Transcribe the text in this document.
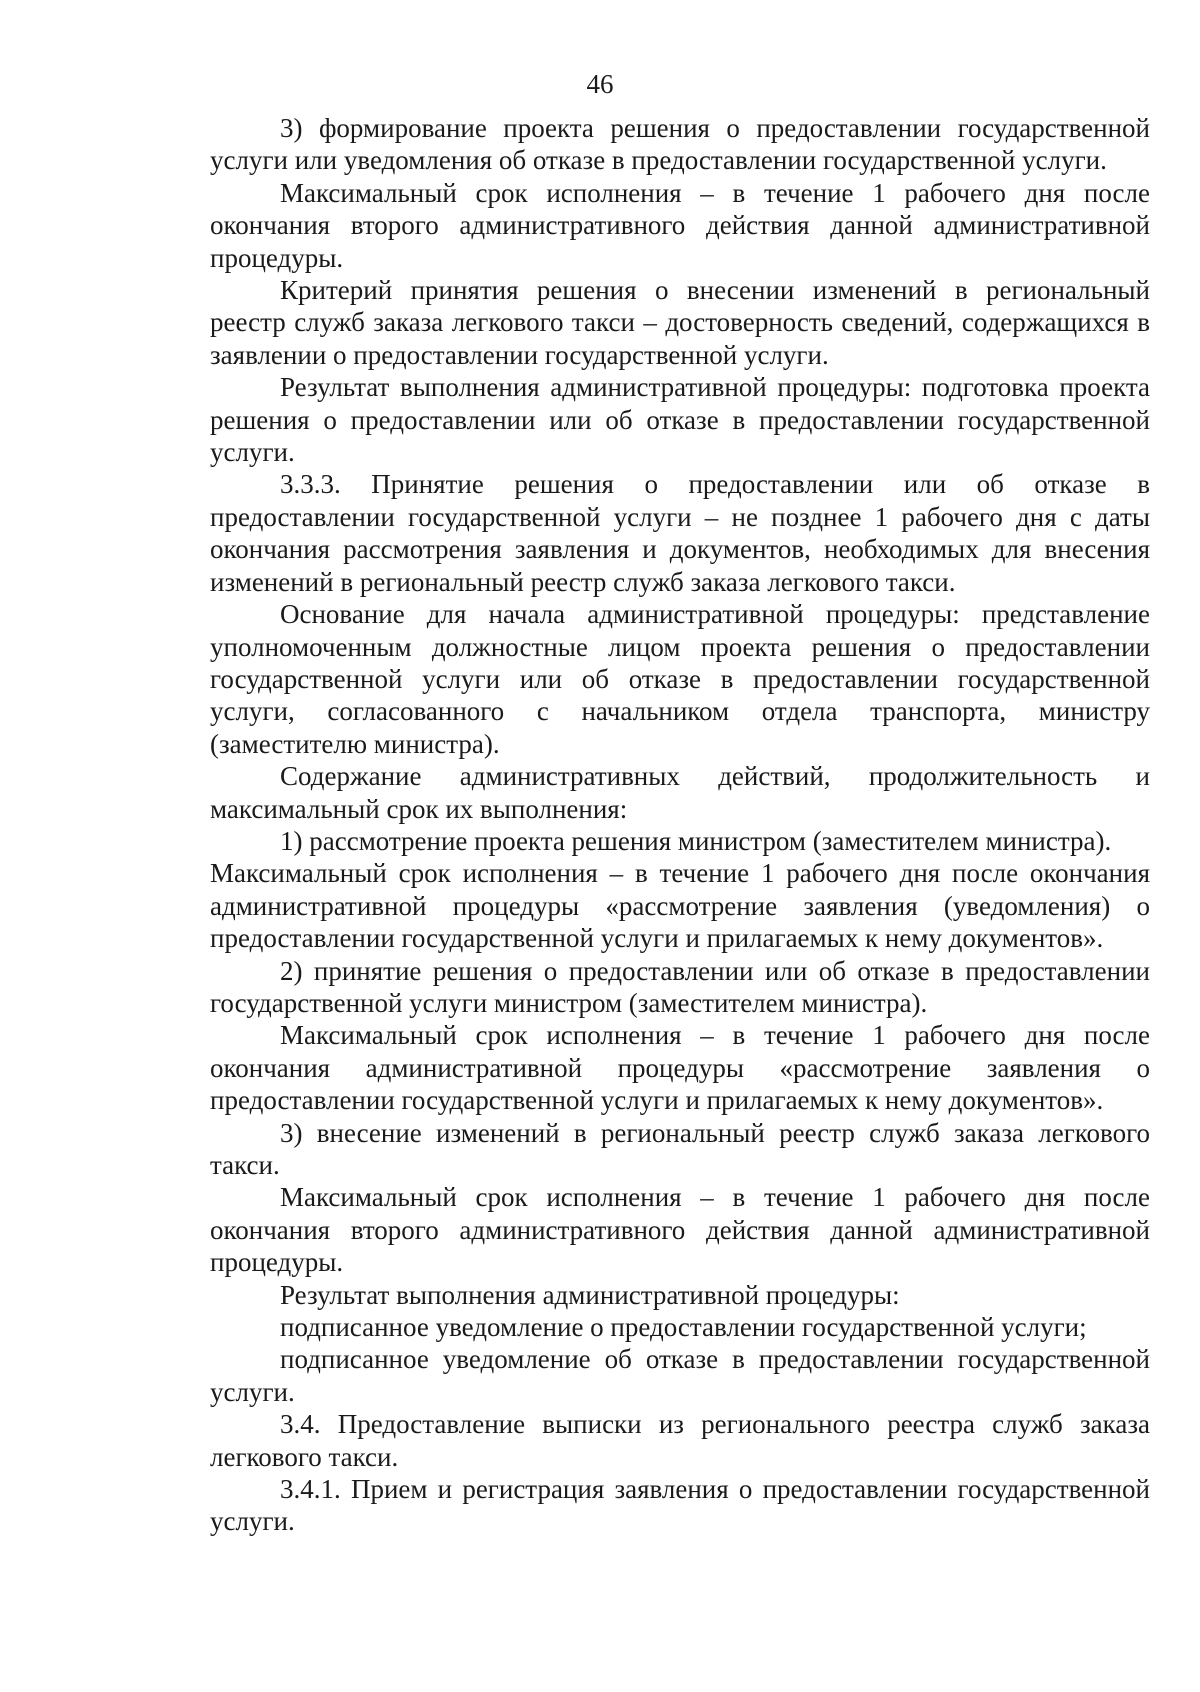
46

3) формирование проекта решения о предоставлении государственной услуги или уведомления об отказе в предоставлении государственной услуги.

Максимальный срок исполнения – в течение 1 рабочего дня после окончания второго административного действия данной административной процедуры.

Критерий принятия решения о внесении изменений в региональный реестр служб заказа легкового такси – достоверность сведений, содержащихся в заявлении о предоставлении государственной услуги.

Результат выполнения административной процедуры: подготовка проекта решения о предоставлении или об отказе в предоставлении государственной услуги.

3.3.3. Принятие решения о предоставлении или об отказе в предоставлении государственной услуги – не позднее 1 рабочего дня с даты окончания рассмотрения заявления и документов, необходимых для внесения изменений в региональный реестр служб заказа легкового такси.

Основание для начала административной процедуры: представление уполномоченным должностные лицом проекта решения о предоставлении государственной услуги или об отказе в предоставлении государственной услуги, согласованного с начальником отдела транспорта, министру (заместителю министра).

Содержание административных действий, продолжительность и максимальный срок их выполнения:

1) рассмотрение проекта решения министром (заместителем министра).

Максимальный срок исполнения – в течение 1 рабочего дня после окончания административной процедуры «рассмотрение заявления (уведомления) о предоставлении государственной услуги и прилагаемых к нему документов».

2) принятие решения о предоставлении или об отказе в предоставлении государственной услуги министром (заместителем министра).

Максимальный срок исполнения – в течение 1 рабочего дня после окончания административной процедуры «рассмотрение заявления о предоставлении государственной услуги и прилагаемых к нему документов».

3) внесение изменений в региональный реестр служб заказа легкового такси.

Максимальный срок исполнения – в течение 1 рабочего дня после окончания второго административного действия данной административной процедуры.

Результат выполнения административной процедуры:

подписанное уведомление о предоставлении государственной услуги;

подписанное уведомление об отказе в предоставлении государственной услуги.

3.4. Предоставление выписки из регионального реестра служб заказа легкового такси.

3.4.1. Прием и регистрация заявления о предоставлении государственной услуги.
